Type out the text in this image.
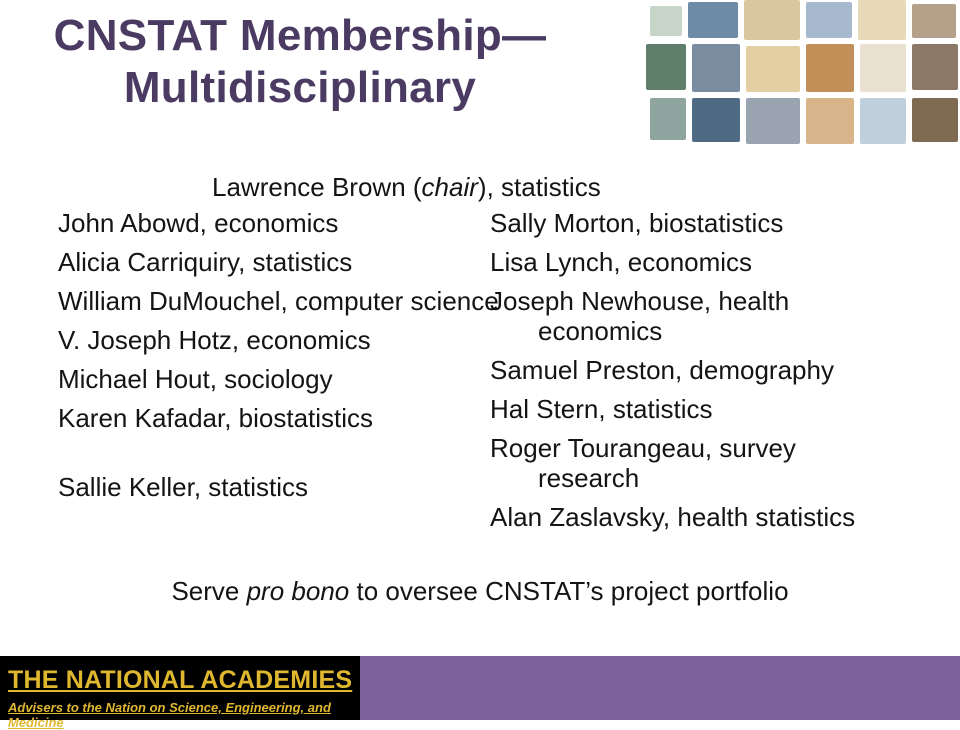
CNSTAT Membership—
Multidisciplinary
Lawrence Brown (chair), statistics

John Abowd, economics

Alicia Carriquiry, statistics

William DuMouchel, computer science

V. Joseph Hotz, economics

Michael Hout, sociology

Karen Kafadar, biostatistics

Sallie Keller, statistics

Sally Morton, biostatistics

Lisa Lynch, economics

Joseph Newhouse, health economics

Samuel Preston, demography

Hal Stern, statistics

Roger Tourangeau, survey research

Alan Zaslavsky, health statistics

Serve pro bono to oversee CNSTAT’s project portfolio
THE NATIONAL ACADEMIES
Advisers to the Nation on Science, Engineering, and Medicine
